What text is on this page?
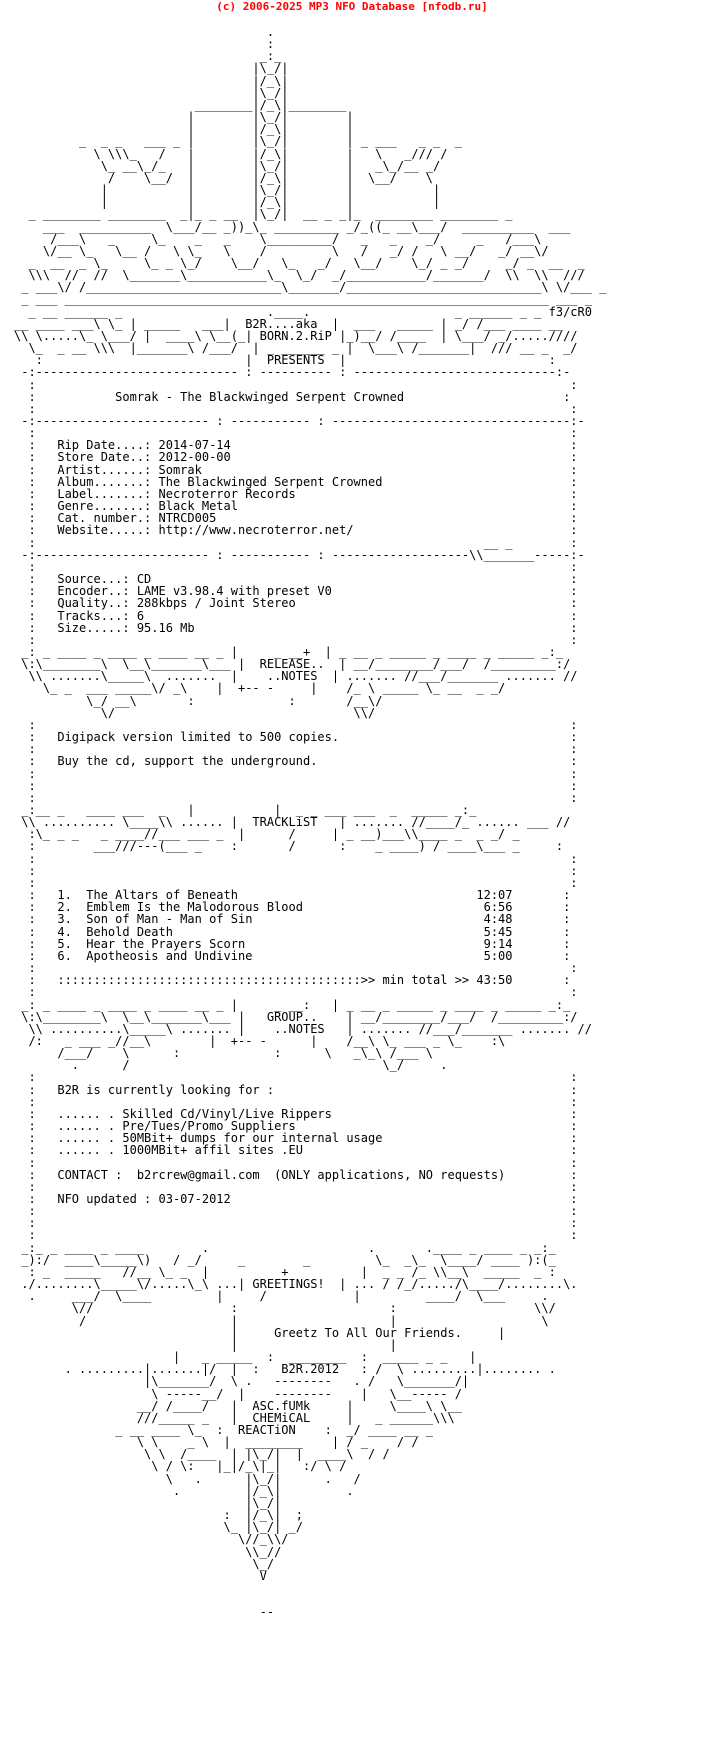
(c) 2006-2025 MP3 NFO Database [nfodb.ru]
.
:
_:_
|\_/|
|/_\|
|\_/|
________|/_\|________
|        |\_/|        |
|        |/_\|        |
_  _ _   ___ _ |        |\_/|        | _ ___   _ _  _
\ \\\_   /   |        |/_\|        |   \   _/// /
\_ __\_/_   |        |\_/|        |   _\_/__ _/
/    \__/  |        |/_\|        |  \__/    \
|           |        |\_/|        |           |
|           |        |/_\|        |           |
_ ________ ________  _|_ _ __  |\_/|  __ _ _|_  ________ ________ _
___  __________  \___/__ _))_\_ _________ _/_((_ __\___/  __________  ___
/___\   _     \_    _   _    \_________/   _   _    _/     _   /___\
\/__ \_   \__ /   \ \_   \    /         \   /   _/ /   \ __/   _/ __\/
_  __  _ \_     \_ _ \_/    \__/   \_   _/   \__/    \_/ _ _/     _/ _  __  _
\\\  //  //  \_______\___________\_  \_/  _/___________/_______/  \\  \\  ///
_ ___\/ /___________________________\_______/___________________________\ \/___ _
_ ___ ___________________________________________________________________ ___ _
_ __ ______ _                    .____.                    _ ______ _ _ f3/cR0
__ ____ ___\ \_ | _____   ___|  B2R....aka  |  ___   _____ | _/ /___ ____ __
\\ \.....\_ \___/ |  ____\ \__(_| BORN.2.RiP |_)__/ /____  | \___/ _/.....////
\_  _ __ \\\  |_______\ /___/  | _ ______ _ |  \___\ /_______|  /// __ _  _/
:                            |  PRESENTS  |                            :
-:---------------------------- : ---------- : ----------------------------:-
:                                                                          :
:           Somrak - The Blackwinged Serpent Crowned                      :
:                                                                          :
-:------------------------ : ----------- : ---------------------------------:-
:                                                                          :
:   Rip Date....: 2014-07-14                                               :
:   Store Date..: 2012-00-00                                               :
:   Artist......: Somrak                                                   :
:   Album.......: The Blackwinged Serpent Crowned                          :
:   Label.......: Necroterror Records                                      :
:   Genre.......: Black Metal                                              :
:   Cat. number.: NTRCD005                                                 :
:   Website.....: http://www.necroterror.net/                              :
:                                                              __ _        :
-:------------------------ : ----------- : -------------------\\_______-----:-
:                                                                          :
:   Source...: CD                                                          :
:   Encoder..: LAME v3.98.4 with preset V0                                 :
:   Quality..: 288kbps / Joint Stereo                                      :
:   Tracks...: 6                                                           :
:   Size.....: 95.16 Mb                                                    :
:                                                                          :
_: _ ____ _ ____ _ ____ __ _ |     _ __+  | _ __ _ _____ _ ____ _ _____ _:_
\:\________\  \__\_______\___ |  RELEASE..  | __/________/___/  /_________:/
\\ .......\_____\  .......  |    ..NOTES  | ....... //___/_______ ....... //
\_ _  ___ _____\/ _\    |  +-- -     |    /_ \ _____ \_ __  _ _/
\_/ __\       :             :       /__\/
\/                                 \\/
:                                                                          :
:   Digipack version limited to 500 copies.                                :
:                                                                          :
:   Buy the cd, support the underground.                                   :
:                                                                          :
:                                                                          :
:                                                                          :
_:__ _   ____ ___  _   |           |  _ _ ___ ___  _  _____ _:_
\\ .......... \____\\ ...... |  TRACKLiST   | ....... //____/_ ...... ___ //
:\_ _ _   _ ____//___ ___ _  |      /     | _ __)___\\____ _  _ _/ _
:        ___///---(___ _    :       /      :    _ ____) / ____\___ _     :
:                                                                          :
:                                                                          :
:                                                                          :
:   1.  The Altars of Beneath                                 12:07       :
:   2.  Emblem Is the Malodorous Blood                         6:56       :
:   3.  Son of Man - Man of Sin                                4:48       :
:   4.  Behold Death                                           5:45       :
:   5.  Hear the Prayers Scorn                                 9:14       :
:   6.  Apotheosis and Undivine                                5:00       :
:                                                                          :
:   ::::::::::::::::::::::::::::::::::::::::::>> min total >> 43:50       :
:                                                                          :
_: _ ____ _ ____ _ ____ __ _ |     _ __:   | _ __ _ _____ _ ____ _ _____ _:_
\:\________\  \__\_______\___ |   GROUP..    | __/________/___/  /_________:/
\\ ..........\_____\ ....... |    ..NOTES   | ....... //___/_______ ....... //
/:   _ ___ _//__\        |  +-- -      |    /__\ \_ ___ _ \_    :\
/___/    \      :             :      \   _\_\ /___ \
.      /                                   \_/     .
:                                                                          :
:   B2R is currently looking for :                                         :
:                                                                          :
:   ...... . Skilled Cd/Vinyl/Live Rippers                                 :
:   ...... . Pre/Tues/Promo Suppliers                                      :
:   ...... . 50MBit+ dumps for our internal usage                          :
:   ...... . 1000MBit+ affil sites .EU                                     :
:                                                                          :
:   CONTACT :  b2rcrew@gmail.com  (ONLY applications, NO requests)         :
:                                                                          :
:   NFO updated : 03-07-2012                                               :
:                                                                          :
:                                                                          :
:                                                                          :
_:_ _ ____ _ ____        .                      .       .____ _ ____ _ _:_
_):/  ____\_____\)   / _/     _        _         \_  _\_  \____/ ____ ):(_
: _  _____   //__ \_ _  |          +          |  _ _ /_ \\__\  _____  _ :
./........\_____\/.....\_\ ...| GREETINGS!  | ... / /_/...../\____/........\.
.     ___/  \____         |     /            |         ____/  \___     .
\//                   :                     :                   \\/
/                    |                     |                    \
|     Greetz To All Our Friends.     |
|                     |
|   _ _____  :  ________  :  _____ _ _   |
. .........|.......|/  |  :   B2R.2012   : /  \ .........|........ .
|\_______/  \ .   --------   . /   \_______/|
\ -----__/  |    --------    |   \__----- /
__/ /____/   |  ASC.fUMk     |     \____\ \__
///_____ _   |  CHEMiCAL     |   _ ______\\\
_ __ ____ \_  :  REACTiON    :  _/ ____ __ _
\ \    _ \  |  ________    | / _    / /
\ \  /____  | |\_/|  |  ____\  / /
\ / \:   |_|/_\|_|   :/ \ /
\   .      |\_/|      .   /
.         |/_\|         .
|\_/|
:  |/_\|  ;
\_ |\_/| _/
\//_\\/
\\_//
\_/
V

--
